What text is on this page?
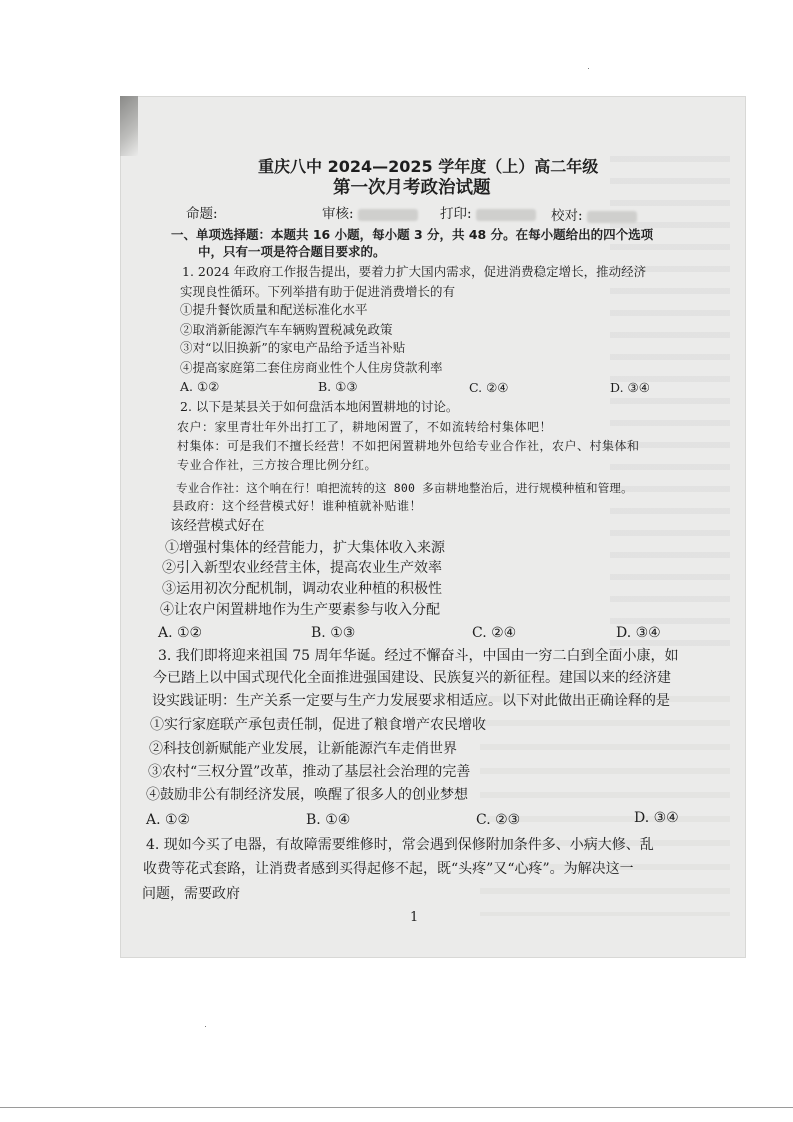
重庆八中 2024—2025 学年度（上）高二年级
第一次月考政治试题
命题:	审核:	打印:	校对:
一、单项选择题：本题共 16 小题，每小题 3 分，共 48 分。在每小题给出的四个选项
中，只有一项是符合题目要求的。
1. 2024 年政府工作报告提出，要着力扩大国内需求，促进消费稳定增长，推动经济
实现良性循环。下列举措有助于促进消费增长的有
①提升餐饮质量和配送标准化水平
②取消新能源汽车车辆购置税减免政策
③对“以旧换新”的家电产品给予适当补贴
④提高家庭第二套住房商业性个人住房贷款利率
A. ①②	B. ①③	C. ②④	D. ③④
2. 以下是某县关于如何盘活本地闲置耕地的讨论。
农户：家里青壮年外出打工了，耕地闲置了，不如流转给村集体吧！
村集体：可是我们不擅长经营！不如把闲置耕地外包给专业合作社，农户、村集体和
专业合作社，三方按合理比例分红。
专业合作社：这个响在行！咱把流转的这 800 多亩耕地整治后，进行规模种植和管理。
县政府：这个经营模式好！谁种植就补贴谁！
该经营模式好在
①增强村集体的经营能力，扩大集体收入来源
②引入新型农业经营主体，提高农业生产效率
③运用初次分配机制，调动农业种植的积极性
④让农户闲置耕地作为生产要素参与收入分配
A. ①②	B. ①③	C. ②④	D. ③④
3. 我们即将迎来祖国 75 周年华诞。经过不懈奋斗，中国由一穷二白到全面小康，如
今已踏上以中国式现代化全面推进强国建设、民族复兴的新征程。建国以来的经济建
设实践证明：生产关系一定要与生产力发展要求相适应。以下对此做出正确诠释的是
①实行家庭联产承包责任制，促进了粮食增产农民增收
②科技创新赋能产业发展，让新能源汽车走俏世界
③农村“三权分置”改革，推动了基层社会治理的完善
④鼓励非公有制经济发展，唤醒了很多人的创业梦想
A. ①②	B. ①④	C. ②③	D. ③④
4. 现如今买了电器，有故障需要维修时，常会遇到保修附加条件多、小病大修、乱
收费等花式套路，让消费者感到买得起修不起，既“头疼”又“心疼”。为解决这一
问题，需要政府
1
